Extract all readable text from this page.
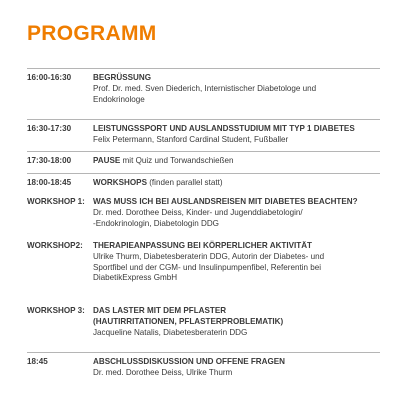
PROGRAMM
16:00-16:30	BEGRÜSSUNG
Prof. Dr. med. Sven Diederich, Internistischer Diabetologe und
Endokrinologe
16:30-17:30	LEISTUNGSSPORT UND AUSLANDSSTUDIUM MIT TYP 1 DIABETES
Felix Petermann, Stanford Cardinal Student, Fußballer
17:30-18:00	PAUSE mit Quiz und Torwandschießen
18:00-18:45	WORKSHOPS (finden parallel statt)
WORKSHOP 1:	WAS MUSS ICH BEI AUSLANDSREISEN MIT DIABETES BEACHTEN?
Dr. med. Dorothee Deiss, Kinder- und Jugenddiabetologin/
-Endokrinologin, Diabetologin DDG
WORKSHOP2:	THERAPIEANPASSUNG BEI KÖRPERLICHER AKTIVITÄT
Ulrike Thurm, Diabetesberaterin DDG, Autorin der Diabetes- und
Sportfibel und der CGM- und Insulinpumpenfibel, Referentin bei
DiabetikExpress GmbH
WORKSHOP 3:	DAS LASTER MIT DEM PFLASTER
(HAUTIRRITATIONEN, PFLASTERPROBLEMATIK)
Jacqueline Natalis, Diabetesberaterin DDG
18:45	ABSCHLUSSDISKUSSION UND OFFENE FRAGEN
Dr. med. Dorothee Deiss, Ulrike Thurm
